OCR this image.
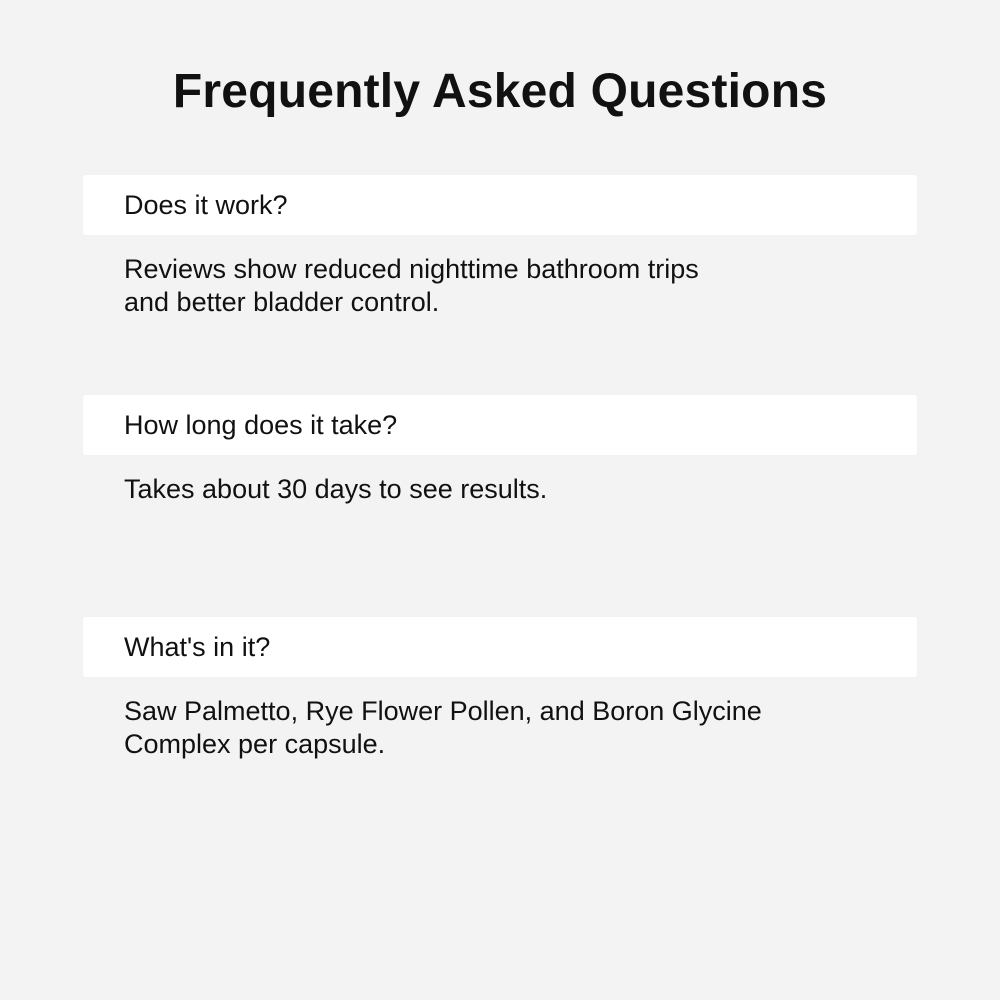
Frequently Asked Questions
Does it work?

Reviews show reduced nighttime bathroom trips
and better bladder control.

How long does it take?

Takes about 30 days to see results.

What's in it?

Saw Palmetto, Rye Flower Pollen, and Boron Glycine
Complex per capsule.
